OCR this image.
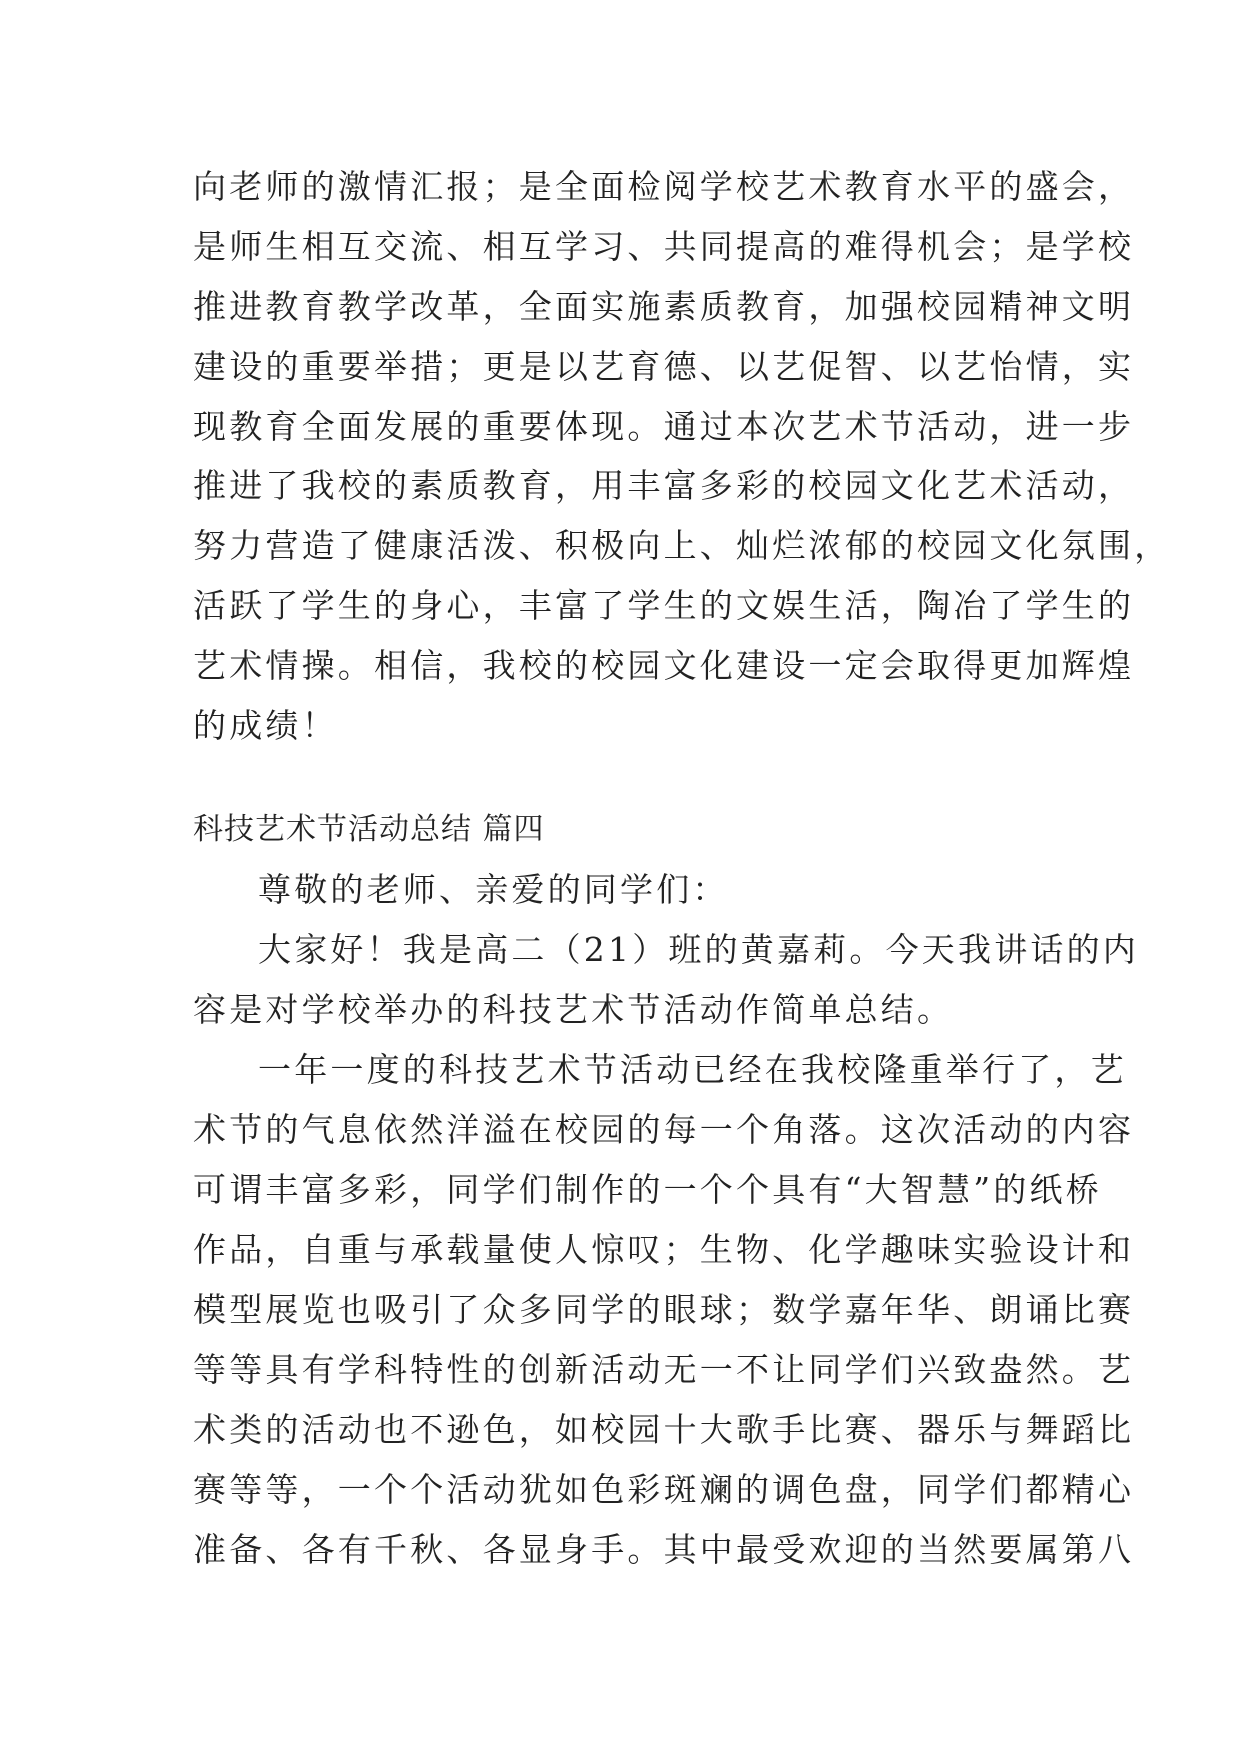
向老师的激情汇报；是全面检阅学校艺术教育水平的盛会，
是师生相互交流、相互学习、共同提高的难得机会；是学校
推进教育教学改革，全面实施素质教育，加强校园精神文明
建设的重要举措；更是以艺育德、以艺促智、以艺怡情，实
现教育全面发展的重要体现。通过本次艺术节活动，进一步
推进了我校的素质教育，用丰富多彩的校园文化艺术活动，
努力营造了健康活泼、积极向上、灿烂浓郁的校园文化氛围，
活跃了学生的身心，丰富了学生的文娱生活，陶冶了学生的
艺术情操。相信，我校的校园文化建设一定会取得更加辉煌
的成绩！
科技艺术节活动总结 篇四
尊敬的老师、亲爱的同学们：
大家好！我是高二（21）班的黄嘉莉。今天我讲话的内
容是对学校举办的科技艺术节活动作简单总结。
一年一度的科技艺术节活动已经在我校隆重举行了，艺
术节的气息依然洋溢在校园的每一个角落。这次活动的内容
可谓丰富多彩，同学们制作的一个个具有“大智慧”的纸桥
作品，自重与承载量使人惊叹；生物、化学趣味实验设计和
模型展览也吸引了众多同学的眼球；数学嘉年华、朗诵比赛
等等具有学科特性的创新活动无一不让同学们兴致盎然。艺
术类的活动也不逊色，如校园十大歌手比赛、器乐与舞蹈比
赛等等，一个个活动犹如色彩斑斓的调色盘，同学们都精心
准备、各有千秋、各显身手。其中最受欢迎的当然要属第八
